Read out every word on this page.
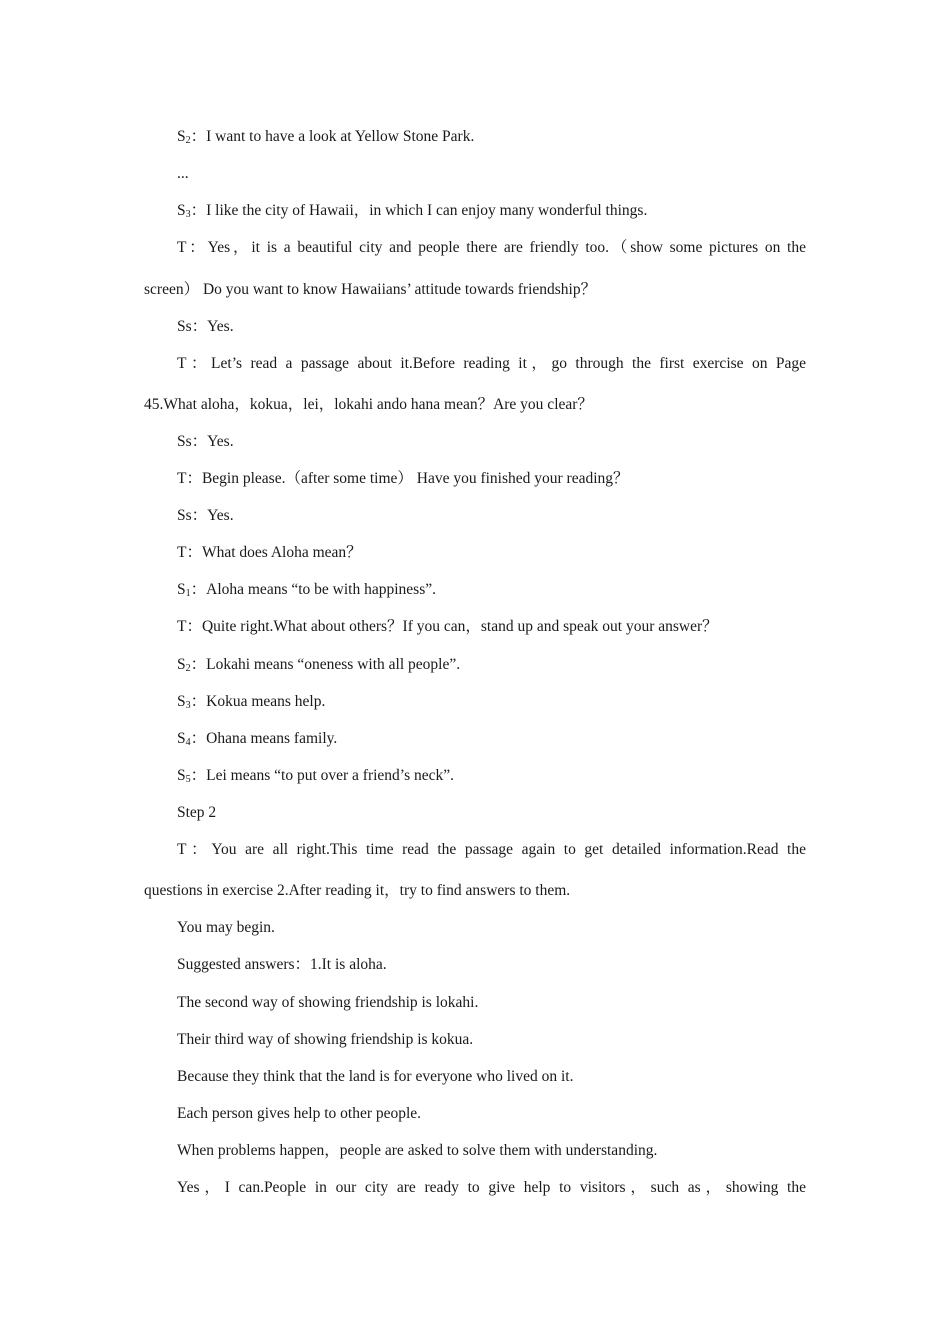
$S_2$：I want to have a look at Yellow Stone Park.
...
$S_3$：I like the city of Hawaii，in which I can enjoy many wonderful things.
T：Yes，it is a beautiful city and people there are friendly too.（show some pictures on the
screen） Do you want to know Hawaiians’ attitude towards friendship？
Ss：Yes.
T：Let’s read a passage about it.Before reading it，go through the first exercise on Page
45.What aloha，kokua，lei，lokahi ando hana mean？Are you clear？
Ss：Yes.
T：Begin please.（after some time） Have you finished your reading？
Ss：Yes.
T：What does Aloha mean？
$S_1$：Aloha means “to be with happiness”.
T：Quite right.What about others？If you can，stand up and speak out your answer？
$S_2$：Lokahi means “oneness with all people”.
$S_3$：Kokua means help.
$S_4$：Ohana means family.
$S_5$：Lei means “to put over a friend’s neck”.
Step 2
T：You are all right.This time read the passage again to get detailed information.Read the
questions in exercise 2.After reading it，try to find answers to them.
You may begin.
Suggested answers：1.It is aloha.
The second way of showing friendship is lokahi.
Their third way of showing friendship is kokua.
Because they think that the land is for everyone who lived on it.
Each person gives help to other people.
When problems happen，people are asked to solve them with understanding.
Yes，I can.People in our city are ready to give help to visitors，such as，showing the
